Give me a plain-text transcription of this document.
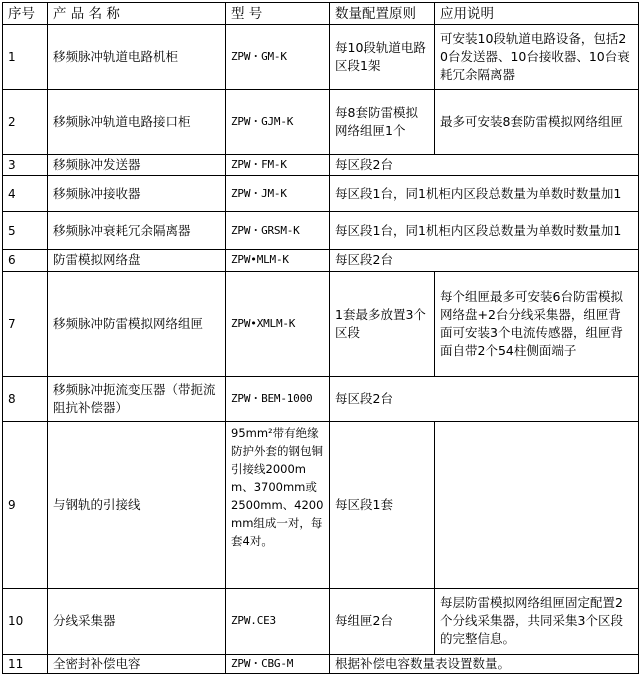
序号	产 品 名 称	型 号	数量配置原则	应用说明
1	移频脉冲轨道电路机柜	ZPW・GM-K	每10段轨道电路区段1架	可安装10段轨道电路设备，包括20台发送器、10台接收器、10台衰耗冗余隔离器

2	移频脉冲轨道电路接口柜	ZPW・GJM-K	每8套防雷模拟网络组匣1个	最多可安装8套防雷模拟网络组匣

3	移频脉冲发送器	ZPW・FM-K	每区段2台	

4	移频脉冲接收器	ZPW・JM-K	每区段1台，同1机柜内区段总数量为单数时数量加1	

5	移频脉冲衰耗冗余隔离器	ZPW・GRSM-K	每区段1台，同1机柜内区段总数量为单数时数量加1	

6	防雷模拟网络盘	ZPW•MLM-K	每区段2台	

7	移频脉冲防雷模拟网络组匣	ZPW•XMLM-K	1套最多放置3个区段	每个组匣最多可安装6台防雷模拟网络盘+2台分线采集器，组匣背面可安装3个电流传感器，组匣背面自带2个54柱侧面端子

8	移频脉冲扼流变压器（带扼流阻抗补偿器）	ZPW・BEM-1000	每区段2台	

9	与钢轨的引接线	95mm²带有绝缘防护外套的钢包铜引接线2000mm、3700mm或2500mm、4200mm组成一对，每套4对。	每区段1套	
10	分线采集器	ZPW.CE3	每组匣2台	每层防雷模拟网络组匣固定配置2个分线采集器，共同采集3个区段的完整信息。

11	全密封补偿电容	ZPW・CBG-M	根据补偿电容数量表设置数量。	
